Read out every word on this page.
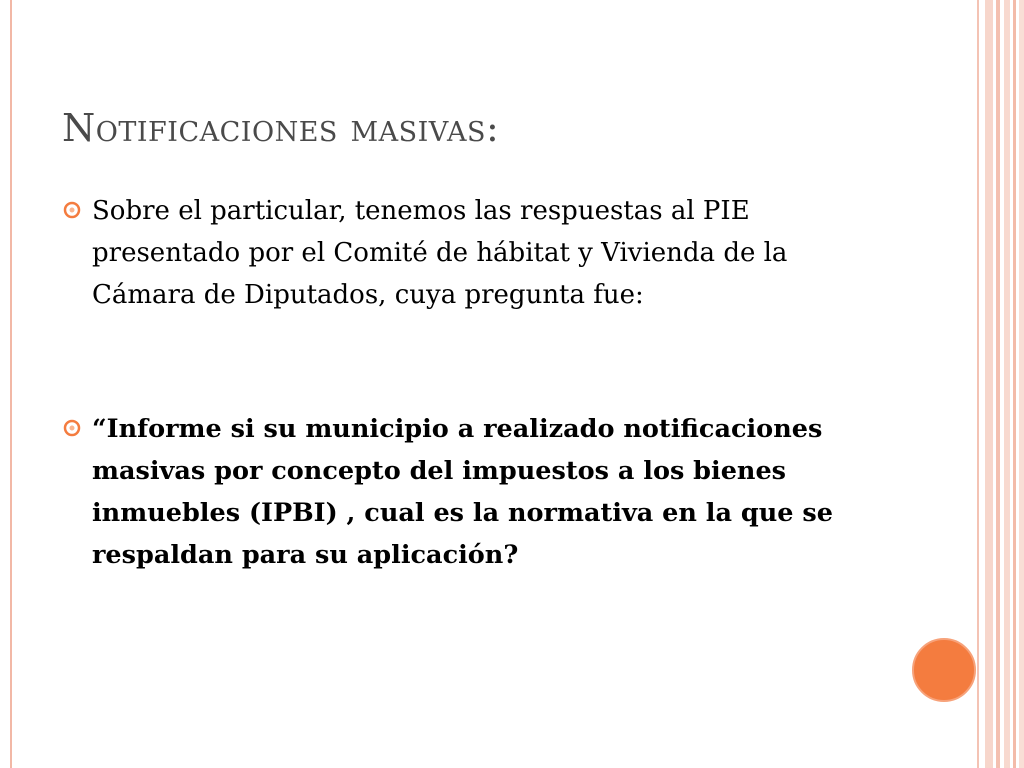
Notificaciones masivas:
Sobre el particular, tenemos las respuestas al PIE presentado por el Comité de hábitat y Vivienda de la Cámara de Diputados, cuya pregunta fue:
“Informe si su municipio a realizado notificaciones masivas por concepto del impuestos a los bienes inmuebles (IPBI) , cual es la normativa en la que se respaldan para su aplicación?
